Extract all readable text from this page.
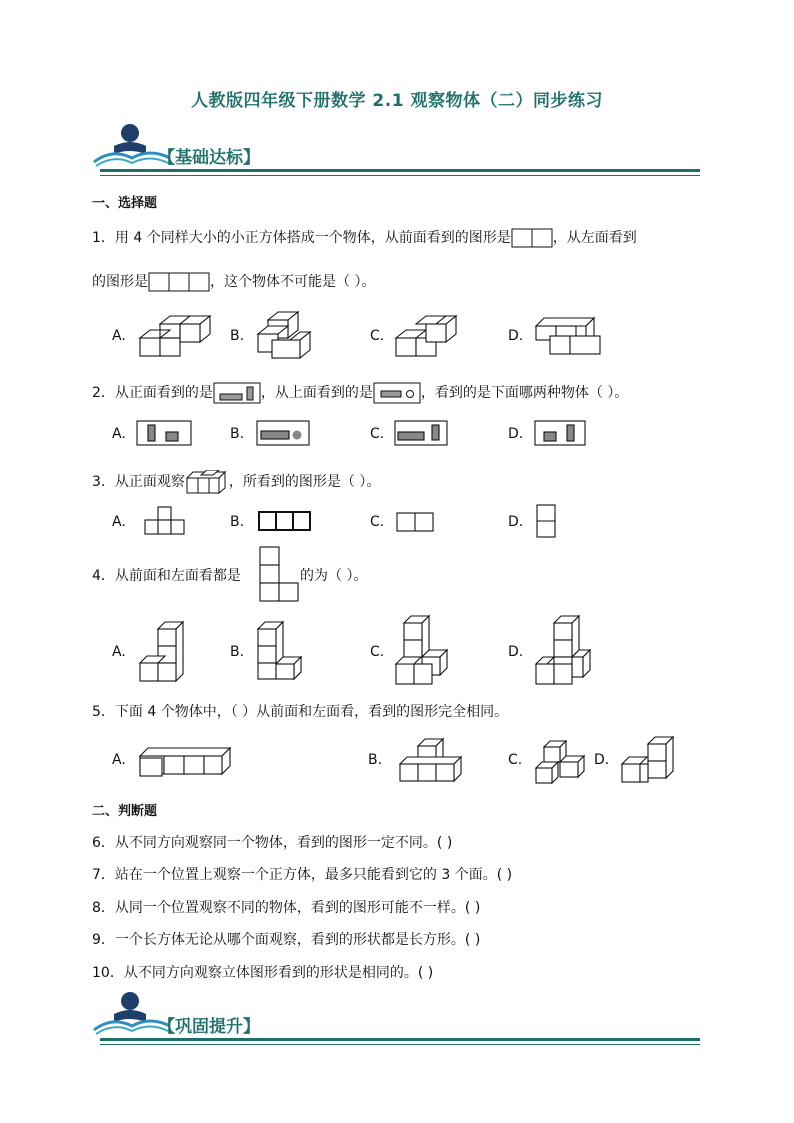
人教版四年级下册数学 2.1 观察物体（二）同步练习
【基础达标】
一、选择题
1．用 4 个同样大小的小正方体搭成一个物体，从前面看到的图形是	，从左面看到
的图形是	，这个物体不可能是（ ）。
A.	B.	C.	D.
2．从正面看到的是	，从上面看到的是	，看到的是下面哪两种物体（ ）。
A.	B.	C.	D.
3．从正面观察	，所看到的图形是（ ）。
A.	B.	C.	D.
4．从前面和左面看都是	的为（ ）。
A.	B.	C.	D.
5．下面 4 个物体中，（ ）从前面和左面看，看到的图形完全相同。
A.	B.	C.	D.
二、判断题
6．从不同方向观察同一个物体，看到的图形一定不同。( )
7．站在一个位置上观察一个正方体，最多只能看到它的 3 个面。( )
8．从同一个位置观察不同的物体，看到的图形可能不一样。( )
9．一个长方体无论从哪个面观察，看到的形状都是长方形。( )
10．从不同方向观察立体图形看到的形状是相同的。( )
【巩固提升】
